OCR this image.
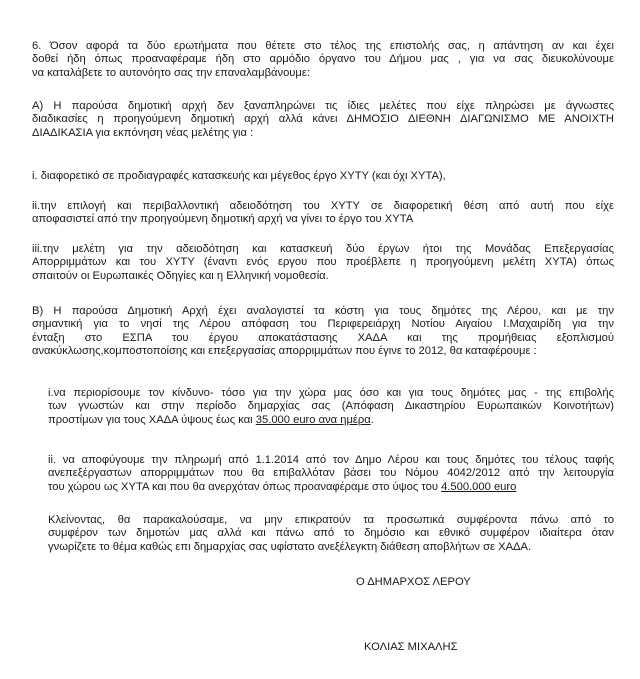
6. Όσον αφορά τα δύο ερωτήματα που θέτετε στο τέλος της επιστολής σας, η απάντηση αν και έχει
δοθεί ήδη όπως προαναφέραμε ήδη στο αρμόδιο όργανο του Δήμου μας , για να σας διευκολύνουμε
να καταλάβετε το αυτονόητο σας την επαναλαμβάνουμε:
Α) Η παρούσα δημοτική αρχή δεν ξαναπληρώνει τις ίδιες μελέτες που είχε πληρώσει με άγνωστες
διαδικασίες η προηγούμενη δημοτική αρχή αλλά κάνει ΔΗΜΟΣΙΟ ΔΙΕΘΝΗ ΔΙΑΓΩΝΙΣΜΟ ΜΕ ΑΝΟΙΧΤΗ
ΔΙΑΔΙΚΑΣΙΑ για εκπόνηση νέας μελέτης για :
i. διαφορετικό σε προδιαγραφές κατασκευής και μέγεθος έργο ΧΥΤΥ (και όχι ΧΥΤΑ),
ii.την επιλογή και περιβαλλοντική αδειοδότηση του ΧΥΤΥ σε διαφορετική θέση από αυτή που είχε
αποφασιστεί από την προηγούμενη δημοτική αρχή να γίνει το έργο του ΧΥΤΑ
iii.την μελέτη για την αδειοδότηση και κατασκευή δύο έργων ήτοι της Μονάδας Επεξεργασίας
Απορριμμάτων και του ΧΥΤΥ (έναντι ενός εργου που προέβλεπε η προηγούμενη μελέτη ΧΥΤΑ) όπως
σπαιτούν οι Ευρωπαικές Οδηγίες και η Ελληνική νομοθεσία.
Β) Η παρούσα Δημοτική Αρχή έχει αναλογιστεί τα κόστη για τους δημότες της Λέρου, και με την
σημαντική για το νησί της Λέρου απόφαση του Περιφερειάρχη Νοτίου Αιγαίου Ι.Μαχαιρίδη για την
ένταξη στο ΕΣΠΑ του έργου αποκατάστασης ΧΑΔΑ και της προμήθειας εξοπλισμού
ανακύκλωσης,κομποστοποίσης και επεξεργασίας απορριμμάτων που έγινε το 2012, θα καταφέρουμε :
i.να περιορίσουμε τον κίνδυνο- τόσο για την χώρα μας όσο και για τους δημότες μας - της επιβολής
των γνωστών και στην περίοδο δημαρχίας σας (Απόφαση Δικαστηρίου Ευρωπαικών Κοινοτήτων)
προστίμων για τους ΧΑΔΑ ύψους έως και 35.000 euro ανα ημέρα.
ii. να αποφύγουμε την πληρωμή από 1.1.2014 από τον Δημο Λέρου και τους δημότες του τέλους ταφής
ανεπεξέργαστων απορριμμάτων που θα επιβαλλόταν βάσει του Νόμου 4042/2012 από την λειτουργία
του χώρου ως ΧΥΤΑ και που θα ανερχόταν όπως προαναφέραμε στο ύψος του 4.500.000 euro
Κλείνοντας, θα παρακαλούσαμε, να μην επικρατούν τα προσωπικά συμφέροντα πάνω από το
συμφέρον των δημοτών μας αλλά και πάνω από το δημόσιο και εθνικό συμφέρον ιδιαίτερα όταν
γνωρίζετε το θέμα καθώς επι δημαρχίας σας υφίστατο ανεξέλεγκτη διάθεση αποβλήτων σε ΧΑΔΑ.
Ο ΔΗΜΑΡΧΟΣ ΛΕΡΟΥ
ΚΟΛΙΑΣ ΜΙΧΑΛΗΣ
